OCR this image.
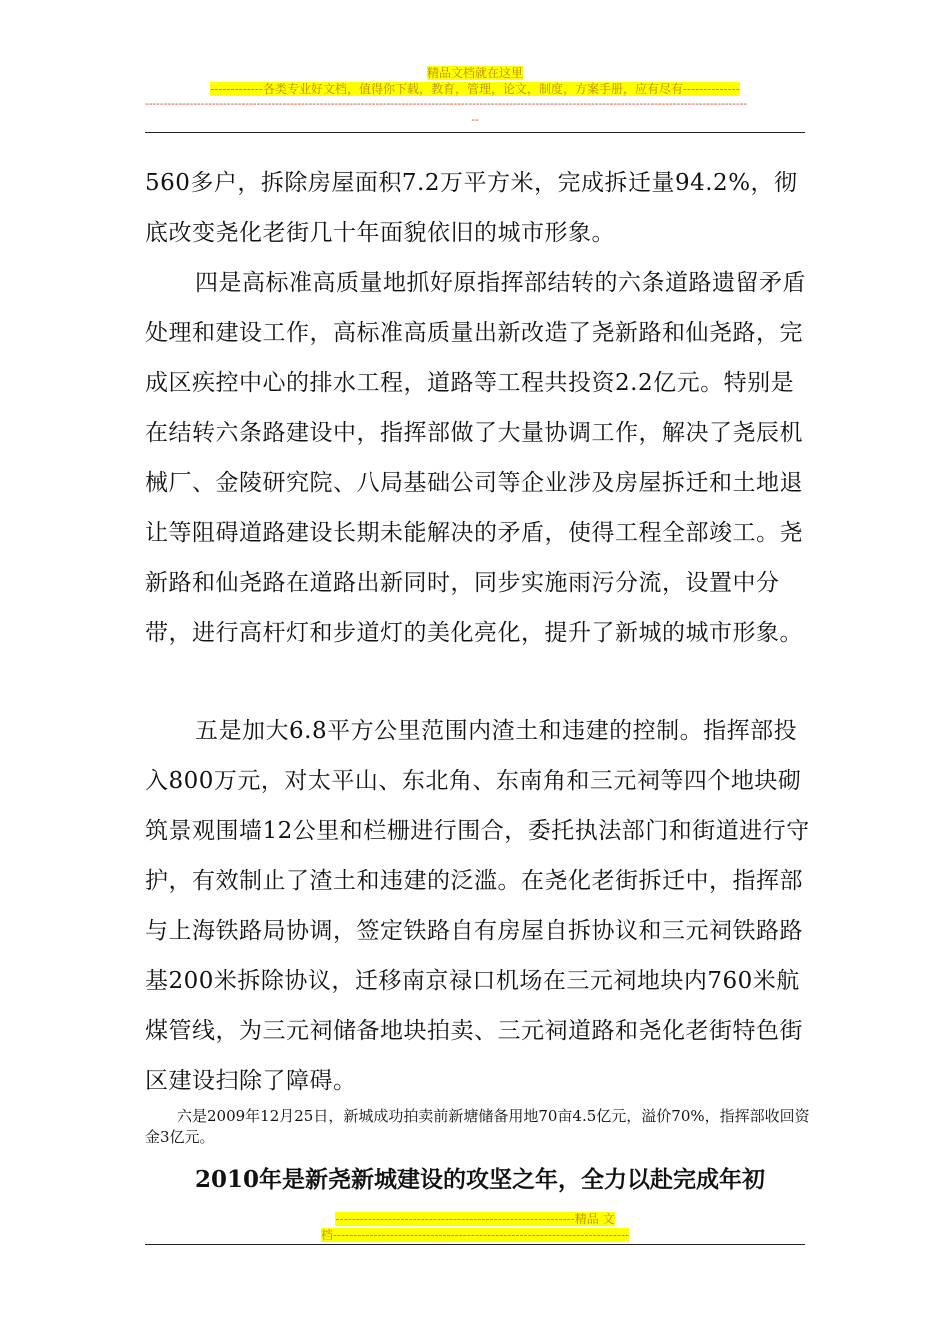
精品文档就在这里
-------------各类专业好文档，值得你下载，教育，管理，论文，制度，方案手册，应有尽有--------------
------------------------------------------------------------------------------------------------------------------------------------------------------------------
--

560多户，拆除房屋面积7.2万平方米，完成拆迁量94.2%，彻底改变尧化老街几十年面貌依旧的城市形象。

四是高标准高质量地抓好原指挥部结转的六条道路遗留矛盾处理和建设工作，高标准高质量出新改造了尧新路和仙尧路，完成区疾控中心的排水工程，道路等工程共投资2.2亿元。特别是在结转六条路建设中，指挥部做了大量协调工作，解决了尧辰机械厂、金陵研究院、八局基础公司等企业涉及房屋拆迁和土地退让等阻碍道路建设长期未能解决的矛盾，使得工程全部竣工。尧新路和仙尧路在道路出新同时，同步实施雨污分流，设置中分带，进行高杆灯和步道灯的美化亮化，提升了新城的城市形象。

五是加大6.8平方公里范围内渣土和违建的控制。指挥部投入800万元，对太平山、东北角、东南角和三元祠等四个地块砌筑景观围墙12公里和栏栅进行围合，委托执法部门和街道进行守护，有效制止了渣土和违建的泛滥。在尧化老街拆迁中，指挥部与上海铁路局协调，签定铁路自有房屋自拆协议和三元祠铁路路基200米拆除协议，迁移南京禄口机场在三元祠地块内760米航煤管线，为三元祠储备地块拍卖、三元祠道路和尧化老街特色街区建设扫除了障碍。

六是2009年12月25日，新城成功拍卖前新塘储备用地70亩4.5亿元，溢价70%，指挥部收回资金3亿元。

2010年是新尧新城建设的攻坚之年，全力以赴完成年初

-----------------------------------------------------------精品 文
档-------------------------------------------------------------------------
